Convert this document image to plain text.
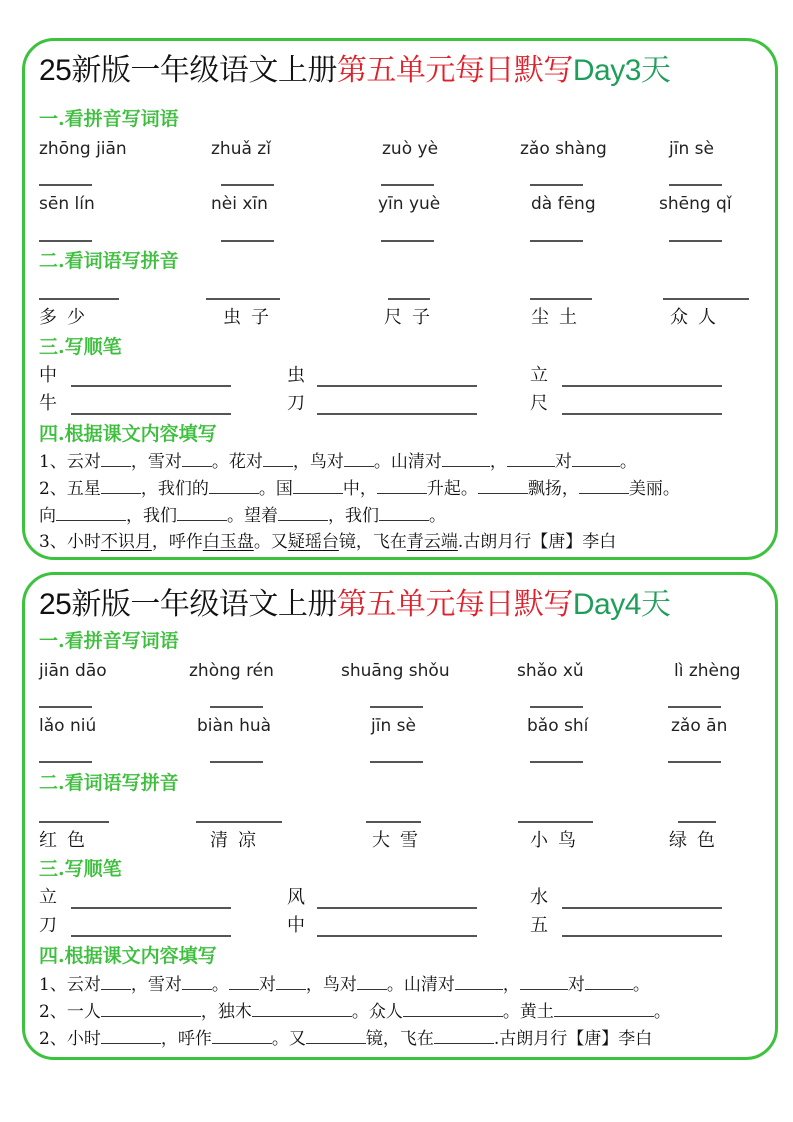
25新版一年级语文上册第五单元每日默写Day3天
一.看拼音写词语
zhōng jiān	zhuǎ zǐ	zuò yè	zǎo shàng	jīn sè
sēn lín	nèi xīn	yīn yuè	dà fēng	shēng qǐ
二.看词语写拼音
多少	虫子	尺子	尘土	众人
三.写顺笔
中	虫	立
牛	刀	尺
四.根据课文内容填写
1、云对 ，雪对 。花对 ，鸟对 。山清对	，	对	。
2、五星 ，我们的	。国	中，	升起。	飘扬，	美丽。
向	，我们	。望着	，我们	。
3、小时不识月，呼作白玉盘。又疑瑶台镜，飞在青云端.古朗月行【唐】李白
25新版一年级语文上册第五单元每日默写Day4天
一.看拼音写词语
jiān dāo	zhòng rén	shuāng shǒu	shǎo xǔ	lì zhèng
lǎo niú	biàn huà	jīn sè	bǎo shí	zǎo ān
二.看词语写拼音
红色	清凉	大雪	小鸟	绿色
三.写顺笔
立	风	水
刀	中	五
四.根据课文内容填写
1、云对 ，雪对 。 对 ，鸟对 。山清对	，	对	。
2、一人	，独木	。众人	。黄土	。
2、小时	，呼作	。又	镜，飞在	.古朗月行【唐】李白
